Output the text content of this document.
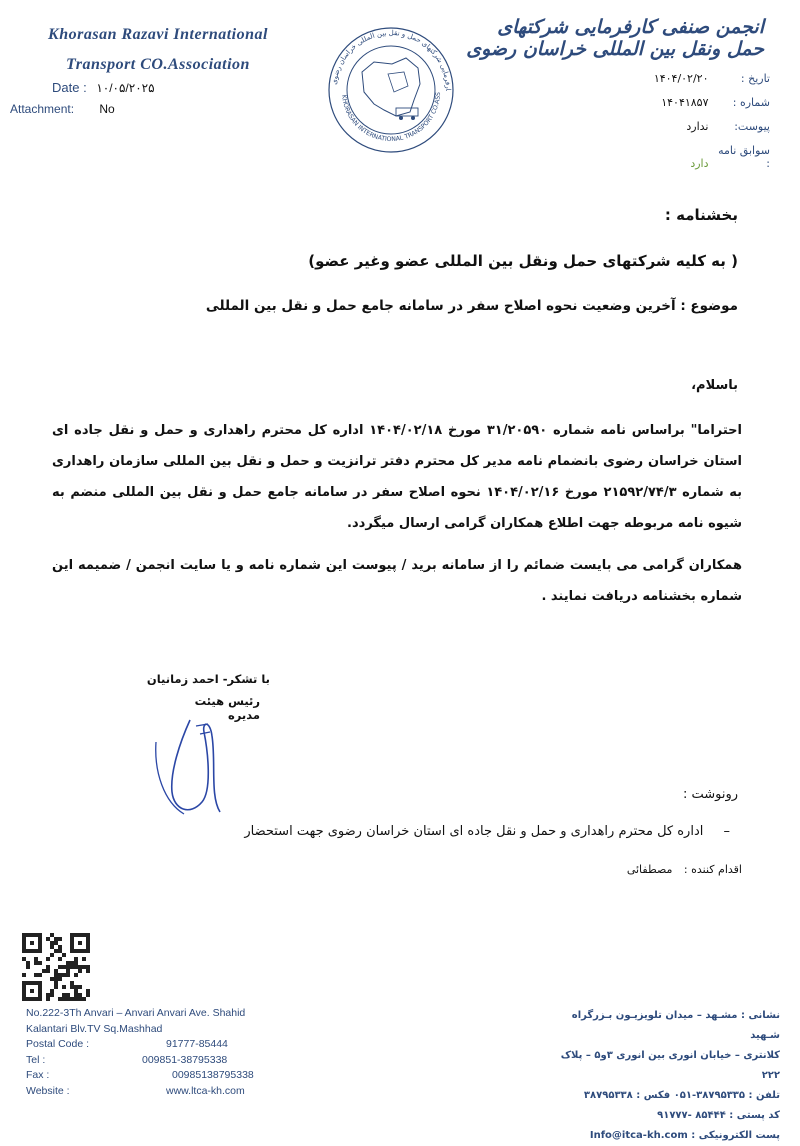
Khorasan Razavi International
Transport CO.Association
Date : ۱۰/۰۵/۲۰۲۵
Attachment: No
ارفرمایی شرکتهای حمل و نقل بین المللی خراسان رضوی
KHORASAN INTERNATIONAL TRANSPORT CO.ASS
انجمن صنفی کارفرمایی شرکتهای حمل ونقل بین المللی خراسان رضوی
تاریخ : ۱۴۰۴/۰۲/۲۰
شماره : ۱۴۰۴۱۸۵۷
پیوست: ندارد
سوابق نامه : دارد
بخشنامه :
( به کلیه شرکتهای حمل ونقل بین المللی عضو وغیر عضو)
موضوع : آخرین وضعیت نحوه اصلاح سفر در سامانه جامع حمل و نقل بین المللی
باسلام،
احتراما" براساس نامه شماره ۳۱/۲۰۵۹۰ مورخ ۱۴۰۴/۰۲/۱۸ اداره کل محترم راهداری و حمل و نقل جاده ای استان خراسان رضوی بانضمام نامه مدیر کل محترم دفتر ترانزیت و حمل و نقل بین المللی سازمان راهداری به شماره ۲۱۵۹۲/۷۴/۳ مورخ ۱۴۰۴/۰۲/۱۶ نحوه اصلاح سفر در سامانه جامع حمل و نقل بین المللی منضم به شیوه نامه مربوطه جهت اطلاع همکاران گرامی ارسال میگردد.
همکاران گرامی می بایست ضمائم را از سامانه برید / پیوست این شماره نامه و یا سایت انجمن / ضمیمه این شماره بخشنامه دریافت نمایند .
با تشکر- احمد زمانیان
رئیس هیئت مدیره
رونوشت :
– اداره کل محترم راهداری و حمل و نقل جاده ای استان خراسان رضوی جهت استحضار
اقدام کننده : مصطفائی
No.222-3Th Anvari – Anvari Anvari Ave. Shahid
Kalantari Blv.TV Sq.Mashhad
Postal Code :	91777-85444
Tel :	009851-38795338
Fax :	00985138795338
Website :	www.ltca-kh.com
نشانی : مشـهد – میدان تلویزیـون بـزرگراه شـهید
کلانتری – خیابان انوری بین انوری ۳و۵ – پلاک ۲۲۲
تلفن : ۳۸۷۹۵۳۳۵-۰۵۱ فکس : ۳۸۷۹۵۳۳۸
کد پستی : ۸۵۴۴۴ -۹۱۷۷۷
پست الکترونیکی : Info@itca-kh.com
